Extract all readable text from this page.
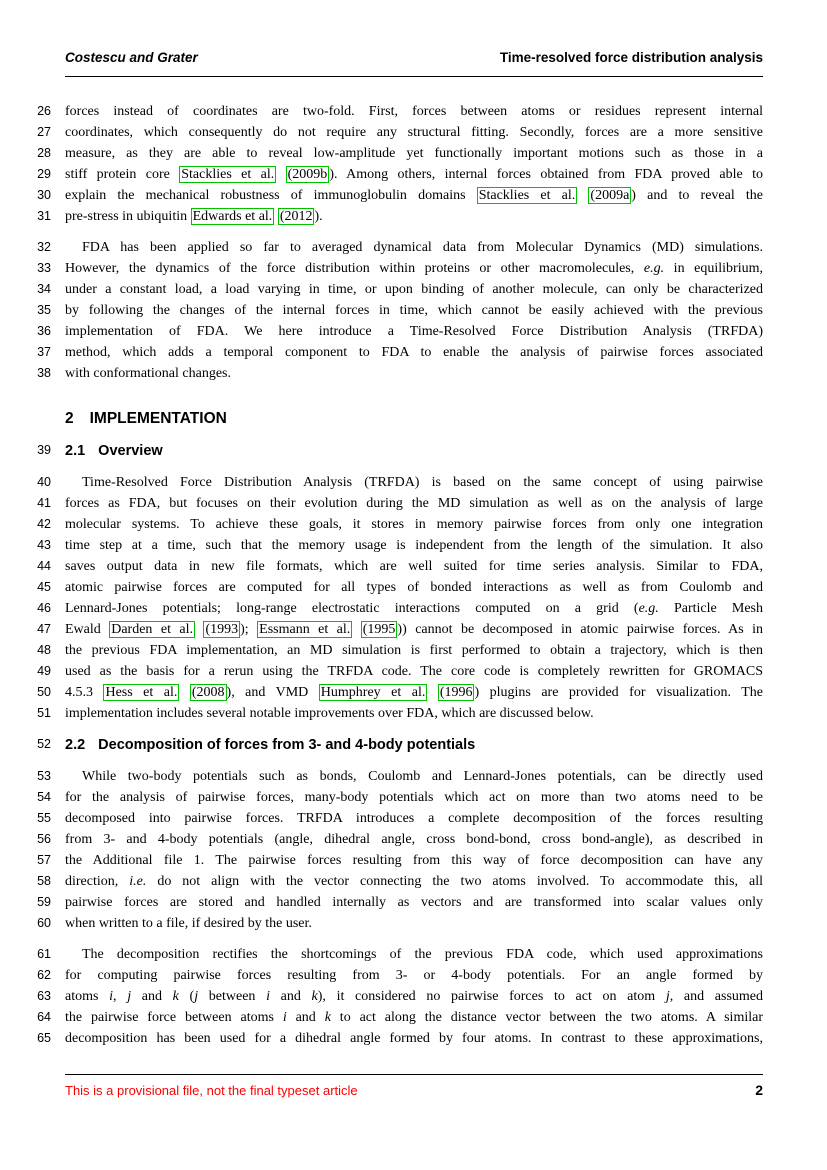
Costescu and Grater	Time-resolved force distribution analysis
26	forces instead of coordinates are two-fold. First, forces between atoms or residues represent internal
27	coordinates, which consequently do not require any structural fitting. Secondly, forces are a more sensitive
28	measure, as they are able to reveal low-amplitude yet functionally important motions such as those in a
29	stiff protein core Stacklies et al. (2009b ). Among others, internal forces obtained from FDA proved able to
30	explain the mechanical robustness of immunoglobulin domains Stacklies et al. (2009a ) and to reveal the
31	pre-stress in ubiquitin Edwards et al. (2012 ).
32	FDA has been applied so far to averaged dynamical data from Molecular Dynamics (MD) simulations.
33	However, the dynamics of the force distribution within proteins or other macromolecules, e.g. in equilibrium,
34	under a constant load, a load varying in time, or upon binding of another molecule, can only be characterized
35	by following the changes of the internal forces in time, which cannot be easily achieved with the previous
36	implementation of FDA. We here introduce a Time-Resolved Force Distribution Analysis (TRFDA)
37	method, which adds a temporal component to FDA to enable the analysis of pairwise forces associated
38	with conformational changes.
2 IMPLEMENTATION
39 2.1 Overview
40	Time-Resolved Force Distribution Analysis (TRFDA) is based on the same concept of using pairwise
41	forces as FDA, but focuses on their evolution during the MD simulation as well as on the analysis of large
42	molecular systems. To achieve these goals, it stores in memory pairwise forces from only one integration
43	time step at a time, such that the memory usage is independent from the length of the simulation. It also
44	saves output data in new file formats, which are well suited for time series analysis. Similar to FDA,
45	atomic pairwise forces are computed for all types of bonded interactions as well as from Coulomb and
46	Lennard-Jones potentials; long-range electrostatic interactions computed on a grid (e.g. Particle Mesh
47	Ewald Darden et al. (1993 ); Essmann et al. (1995 )) cannot be decomposed in atomic pairwise forces. As in
48	the previous FDA implementation, an MD simulation is first performed to obtain a trajectory, which is then
49	used as the basis for a rerun using the TRFDA code. The core code is completely rewritten for GROMACS
50	4.5.3 Hess et al. (2008 ), and VMD Humphrey et al. (1996 ) plugins are provided for visualization. The
51	implementation includes several notable improvements over FDA, which are discussed below.
52 2.2 Decomposition of forces from 3- and 4-body potentials
53	While two-body potentials such as bonds, Coulomb and Lennard-Jones potentials, can be directly used
54	for the analysis of pairwise forces, many-body potentials which act on more than two atoms need to be
55	decomposed into pairwise forces. TRFDA introduces a complete decomposition of the forces resulting
56	from 3- and 4-body potentials (angle, dihedral angle, cross bond-bond, cross bond-angle), as described in
57	the Additional file 1. The pairwise forces resulting from this way of force decomposition can have any
58	direction, i.e. do not align with the vector connecting the two atoms involved. To accommodate this, all
59	pairwise forces are stored and handled internally as vectors and are transformed into scalar values only
60	when written to a file, if desired by the user.
61	The decomposition rectifies the shortcomings of the previous FDA code, which used approximations
62	for computing pairwise forces resulting from 3- or 4-body potentials. For an angle formed by
63	atoms i, j and k (j between i and k), it considered no pairwise forces to act on atom j, and assumed
64	the pairwise force between atoms i and k to act along the distance vector between the two atoms. A similar
65	decomposition has been used for a dihedral angle formed by four atoms. In contrast to these approximations,
This is a provisional file, not the final typeset article	2
